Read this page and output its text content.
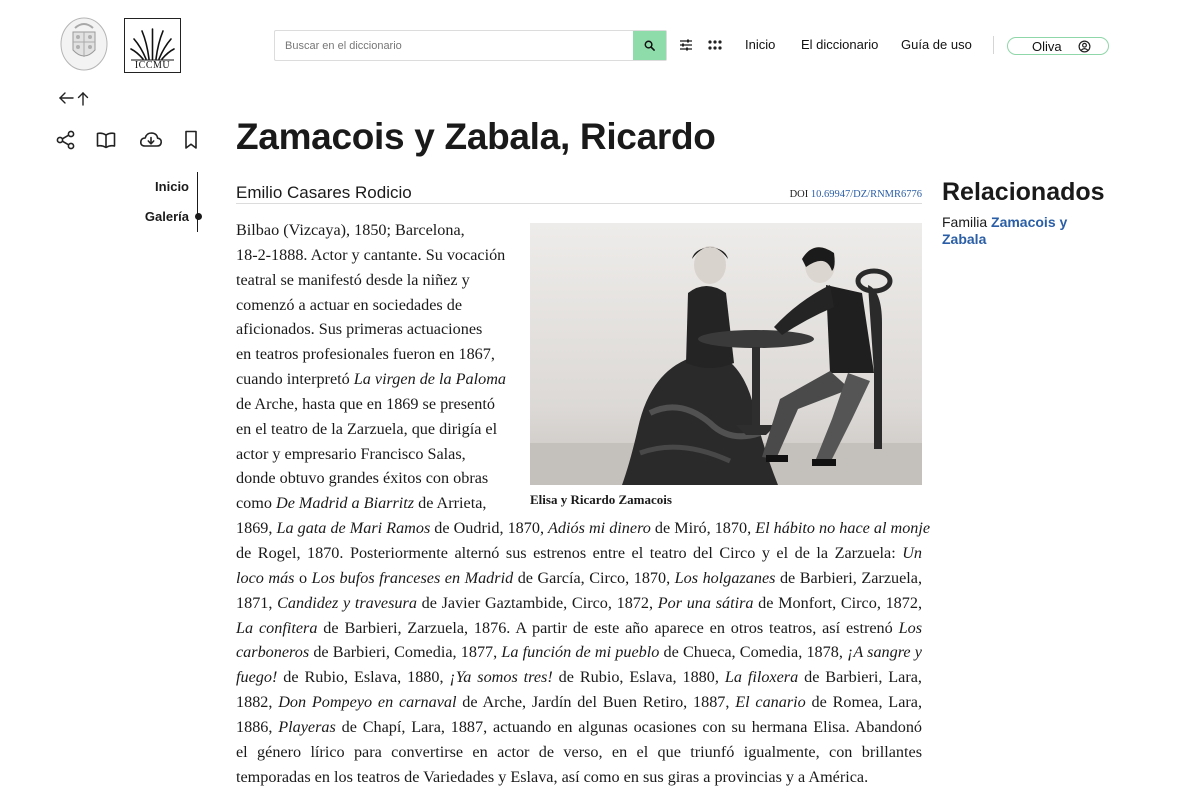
ICCMU
Buscar en el diccionario
Inicio El diccionario Guía de uso	Oliva
Inicio
Galería
Zamacois y Zabala, Ricardo
Emilio Casares Rodicio	DOI 10.69947/DZ/RNMR6776
Elisa y Ricardo Zamacois
Bilbao (Vizcaya), 1850; Barcelona,
18-2-1888. Actor y cantante. Su vocación
teatral se manifestó desde la niñez y
comenzó a actuar en sociedades de
aficionados. Sus primeras actuaciones
en teatros profesionales fueron en 1867,
cuando interpretó La virgen de la Paloma
de Arche, hasta que en 1869 se presentó
en el teatro de la Zarzuela, que dirigía el
actor y empresario Francisco Salas,
donde obtuvo grandes éxitos con obras
como De Madrid a Biarritz de Arrieta,
1869, La gata de Mari Ramos de Oudrid, 1870, Adiós mi dinero de Miró, 1870, El hábito no hace al monje
de Rogel, 1870. Posteriormente alternó sus estrenos entre el teatro del Circo y el de la Zarzuela: Un
loco más o Los bufos franceses en Madrid de García, Circo, 1870, Los holgazanes de Barbieri, Zarzuela,
1871, Candidez y travesura de Javier Gaztambide, Circo, 1872, Por una sátira de Monfort, Circo, 1872,
La confitera de Barbieri, Zarzuela, 1876. A partir de este año aparece en otros teatros, así estrenó Los
carboneros de Barbieri, Comedia, 1877, La función de mi pueblo de Chueca, Comedia, 1878, ¡A sangre y
fuego! de Rubio, Eslava, 1880, ¡Ya somos tres! de Rubio, Eslava, 1880, La filoxera de Barbieri, Lara,
1882, Don Pompeyo en carnaval de Arche, Jardín del Buen Retiro, 1887, El canario de Romea, Lara,
1886, Playeras de Chapí, Lara, 1887, actuando en algunas ocasiones con su hermana Elisa. Abandonó
el género lírico para convertirse en actor de verso, en el que triunfó igualmente, con brillantes
temporadas en los teatros de Variedades y Eslava, así como en sus giras a provincias y a América.
Relacionados
Familia Zamacois y Zabala
